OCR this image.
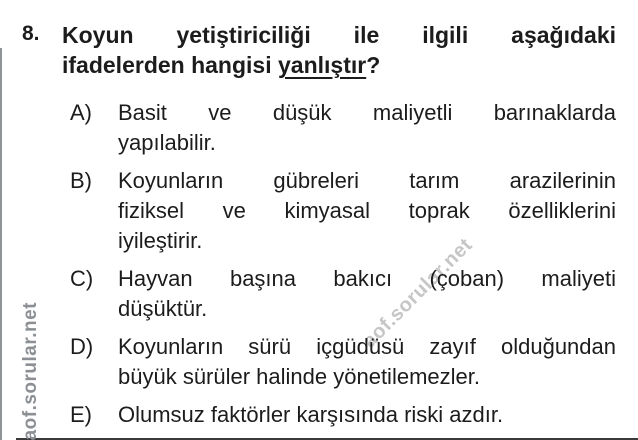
aof.sorular.net
aof.sorular.net
8. Koyun yetiştiriciliği ile ilgili aşağıdaki
ifadelerden hangisi yanlıştır?
A)	Basit ve düşük maliyetli barınaklarda
yapılabilir.
B)	Koyunların gübreleri tarım arazilerinin
fiziksel ve kimyasal toprak özelliklerini
iyileştirir.
C)	Hayvan başına bakıcı (çoban) maliyeti
düşüktür.
D)	Koyunların sürü içgüdüsü zayıf olduğundan
büyük sürüler halinde yönetilemezler.
E)	Olumsuz faktörler karşısında riski azdır.
